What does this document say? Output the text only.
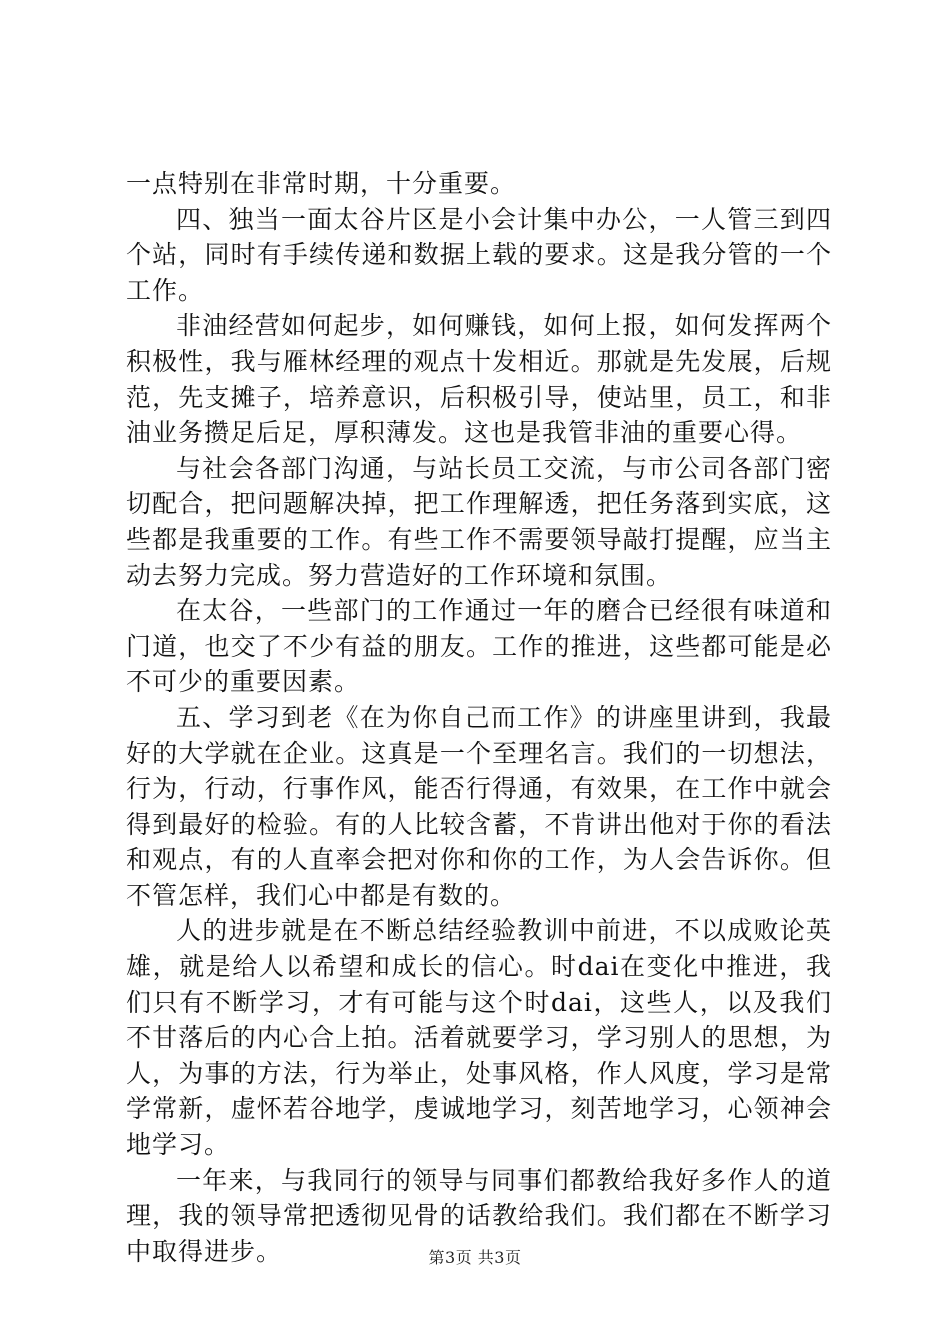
一点特别在非常时期，十分重要。

四、独当一面太谷片区是小会计集中办公，一人管三到四个站，同时有手续传递和数据上载的要求。这是我分管的一个工作。

非油经营如何起步，如何赚钱，如何上报，如何发挥两个积极性，我与雁林经理的观点十发相近。那就是先发展，后规范，先支摊子，培养意识，后积极引导，使站里，员工，和非油业务攒足后足，厚积薄发。这也是我管非油的重要心得。

与社会各部门沟通，与站长员工交流，与市公司各部门密切配合，把问题解决掉，把工作理解透，把任务落到实底，这些都是我重要的工作。有些工作不需要领导敲打提醒，应当主动去努力完成。努力营造好的工作环境和氛围。

在太谷，一些部门的工作通过一年的磨合已经很有味道和门道，也交了不少有益的朋友。工作的推进，这些都可能是必不可少的重要因素。

五、学习到老《在为你自己而工作》的讲座里讲到，我最好的大学就在企业。这真是一个至理名言。我们的一切想法，行为，行动，行事作风，能否行得通，有效果，在工作中就会得到最好的检验。有的人比较含蓄，不肯讲出他对于你的看法和观点，有的人直率会把对你和你的工作，为人会告诉你。但不管怎样，我们心中都是有数的。

人的进步就是在不断总结经验教训中前进，不以成败论英雄，就是给人以希望和成长的信心。时dai在变化中推进，我们只有不断学习，才有可能与这个时dai，这些人，以及我们不甘落后的内心合上拍。活着就要学习，学习别人的思想，为人，为事的方法，行为举止，处事风格，作人风度，学习是常学常新，虚怀若谷地学，虔诚地学习，刻苦地学习，心领神会地学习。

一年来，与我同行的领导与同事们都教给我好多作人的道理，我的领导常把透彻见骨的话教给我们。我们都在不断学习中取得进步。	第3页 共3页
